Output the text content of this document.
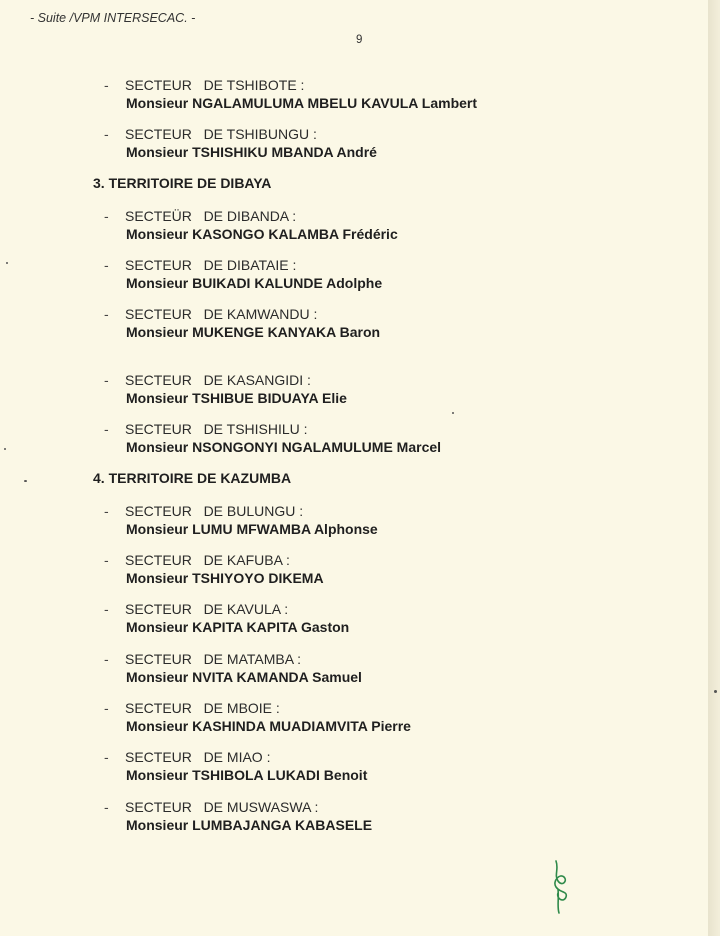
- Suite /VPM INTERSECAC. -
9
-	SECTEUR   DE TSHIBOTE :
Monsieur NGALAMULUMA MBELU KAVULA Lambert
-	SECTEUR   DE TSHIBUNGU :
Monsieur TSHISHIKU MBANDA André
3. TERRITOIRE DE DIBAYA
-	SECTEÜR   DE DIBANDA :
Monsieur KASONGO KALAMBA Frédéric
-	SECTEUR   DE DIBATAIE :
Monsieur BUIKADI KALUNDE Adolphe
-	SECTEUR   DE KAMWANDU :
Monsieur MUKENGE KANYAKA Baron
-	SECTEUR   DE KASANGIDI :
Monsieur TSHIBUE BIDUAYA Elie
-	SECTEUR   DE TSHISHILU :
Monsieur NSONGONYI NGALAMULUME Marcel
4. TERRITOIRE DE KAZUMBA
-	SECTEUR   DE BULUNGU :
Monsieur LUMU MFWAMBA Alphonse
-	SECTEUR   DE KAFUBA :
Monsieur TSHIYOYO DIKEMA
-	SECTEUR   DE KAVULA :
Monsieur KAPITA KAPITA Gaston
-	SECTEUR   DE MATAMBA :
Monsieur NVITA KAMANDA Samuel
-	SECTEUR   DE MBOIE :
Monsieur KASHINDA MUADIAMVITA Pierre
-	SECTEUR   DE MIAO :
Monsieur TSHIBOLA LUKADI Benoit
-	SECTEUR   DE MUSWASWA :
Monsieur LUMBAJANGA KABASELE
